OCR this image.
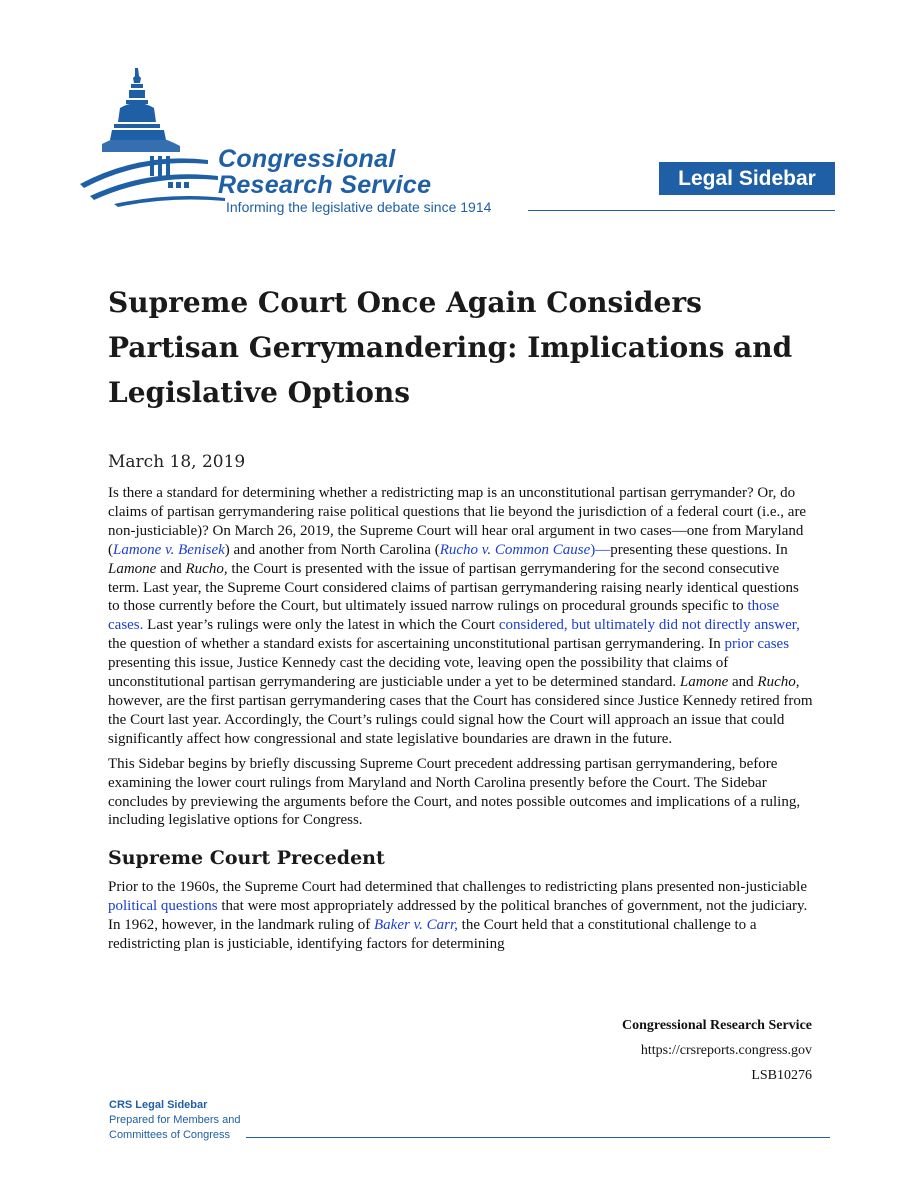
Congressional
Research Service
Informing the legislative debate since 1914
Legal Sidebar
Supreme Court Once Again Considers Partisan Gerrymandering: Implications and Legislative Options
March 18, 2019

Is there a standard for determining whether a redistricting map is an unconstitutional partisan gerrymander? Or, do claims of partisan gerrymandering raise political questions that lie beyond the jurisdiction of a federal court (i.e., are non-justiciable)? On March 26, 2019, the Supreme Court will hear oral argument in two cases—one from Maryland (Lamone v. Benisek) and another from North Carolina (Rucho v. Common Cause)—presenting these questions. In Lamone and Rucho, the Court is presented with the issue of partisan gerrymandering for the second consecutive term. Last year, the Supreme Court considered claims of partisan gerrymandering raising nearly identical questions to those currently before the Court, but ultimately issued narrow rulings on procedural grounds specific to those cases. Last year’s rulings were only the latest in which the Court considered, but ultimately did not directly answer, the question of whether a standard exists for ascertaining unconstitutional partisan gerrymandering. In prior cases presenting this issue, Justice Kennedy cast the deciding vote, leaving open the possibility that claims of unconstitutional partisan gerrymandering are justiciable under a yet to be determined standard. Lamone and Rucho, however, are the first partisan gerrymandering cases that the Court has considered since Justice Kennedy retired from the Court last year. Accordingly, the Court’s rulings could signal how the Court will approach an issue that could significantly affect how congressional and state legislative boundaries are drawn in the future.

This Sidebar begins by briefly discussing Supreme Court precedent addressing partisan gerrymandering, before examining the lower court rulings from Maryland and North Carolina presently before the Court. The Sidebar concludes by previewing the arguments before the Court, and notes possible outcomes and implications of a ruling, including legislative options for Congress.

Supreme Court Precedent

Prior to the 1960s, the Supreme Court had determined that challenges to redistricting plans presented non-justiciable political questions that were most appropriately addressed by the political branches of government, not the judiciary. In 1962, however, in the landmark ruling of Baker v. Carr, the Court held that a constitutional challenge to a redistricting plan is justiciable, identifying factors for determining

Congressional Research Service
https://crsreports.congress.gov
LSB10276
CRS Legal Sidebar
Prepared for Members and
Committees of Congress
